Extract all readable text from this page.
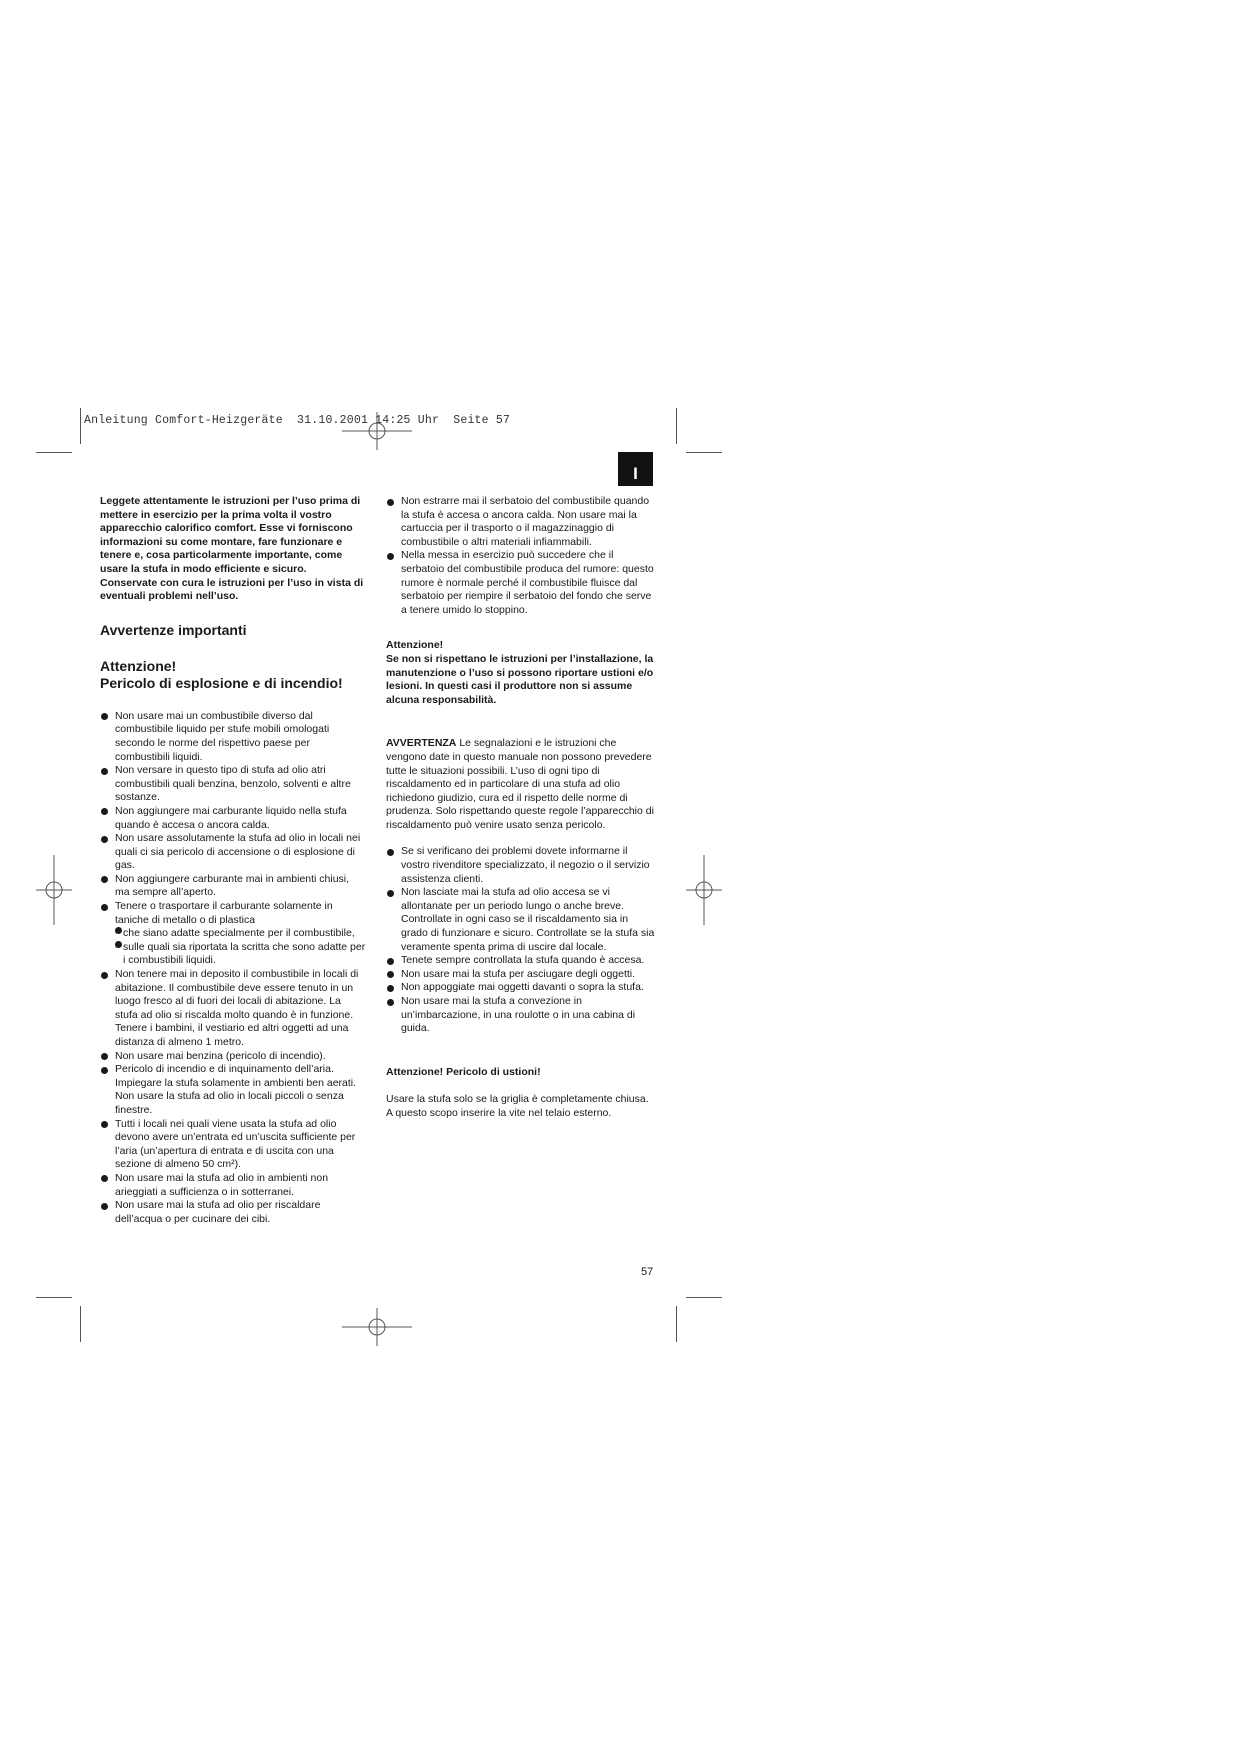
Anleitung Comfort-Heizgeräte  31.10.2001 14:25 Uhr  Seite 57
I

Leggete attentamente le istruzioni per l’uso prima di mettere in esercizio per la prima volta il vostro apparecchio calorifico comfort. Esse vi forniscono informazioni su come montare, fare funzionare e tenere e, cosa particolarmente importante, come usare la stufa in modo efficiente e sicuro. Conservate con cura le istruzioni per l’uso in vista di eventuali problemi nell’uso.

Avvertenze importanti

Attenzione!

Pericolo di esplosione e di incendio!

Non usare mai un combustibile diverso dal combustibile liquido per stufe mobili omologati secondo le norme del rispettivo paese per combustibili liquidi.
Non versare in questo tipo di stufa ad olio atri combustibili quali benzina, benzolo, solventi e altre sostanze.
Non aggiungere mai carburante liquido nella stufa quando è accesa o ancora calda.
Non usare assolutamente la stufa ad olio in locali nei quali ci sia pericolo di accensione o di esplosione di gas.
Non aggiungere carburante mai in ambienti chiusi, ma sempre all’aperto.
Tenere o trasportare il carburante solamente in taniche di metallo o di plastica
- che siano adatte specialmente per il combustibile,
- sulle quali sia riportata la scritta che sono adatte per i combustibili liquidi.
Non tenere mai in deposito il combustibile in locali di abitazione. Il combustibile deve essere tenuto in un luogo fresco al di fuori dei locali di abitazione. La stufa ad olio si riscalda molto quando è in funzione. Tenere i bambini, il vestiario ed altri oggetti ad una distanza di almeno 1 metro.
Non usare mai benzina (pericolo di incendio).
Pericolo di incendio e di inquinamento dell’aria. Impiegare la stufa solamente in ambienti ben aerati. Non usare la stufa ad olio in locali piccoli o senza finestre.
Tutti i locali nei quali viene usata la stufa ad olio devono avere un’entrata ed un’uscita sufficiente per l’aria (un’apertura di entrata e di uscita con una sezione di almeno 50 cm²).
Non usare mai la stufa ad olio in ambienti non arieggiati a sufficienza o in sotterranei.
Non usare mai la stufa ad olio per riscaldare dell’acqua o per cucinare dei cibi.
Non estrarre mai il serbatoio del combustibile quando la stufa è accesa o ancora calda. Non usare mai la cartuccia per il trasporto o il magazzinaggio di combustibile o altri materiali infiammabili.
Nella messa in esercizio può succedere che il serbatoio del combustibile produca del rumore: questo rumore è normale perché il combustibile fluisce dal serbatoio per riempire il serbatoio del fondo che serve a tenere umido lo stoppino.

Attenzione!

Se non si rispettano le istruzioni per l’installazione, la manutenzione o l’uso si possono riportare ustioni e/o lesioni. In questi casi il produttore non si assume alcuna responsabilità.

AVVERTENZA Le segnalazioni e le istruzioni che vengono date in questo manuale non possono prevedere tutte le situazioni possibili. L’uso di ogni tipo di riscaldamento ed in particolare di una stufa ad olio richiedono giudizio, cura ed il rispetto delle norme di prudenza. Solo rispettando queste regole l’apparecchio di riscaldamento può venire usato senza pericolo.

Se si verificano dei problemi dovete informarne il vostro rivenditore specializzato, il negozio o il servizio assistenza clienti.
Non lasciate mai la stufa ad olio accesa se vi allontanate per un periodo lungo o anche breve. Controllate in ogni caso se il riscaldamento sia in grado di funzionare e sicuro. Controllate se la stufa sia veramente spenta prima di uscire dal locale.
Tenete sempre controllata la stufa quando è accesa.
Non usare mai la stufa per asciugare degli oggetti.
Non appoggiate mai oggetti davanti o sopra la stufa.
Non usare mai la stufa a convezione in un’imbarcazione, in una roulotte o in una cabina di guida.

Attenzione! Pericolo di ustioni!

Usare la stufa solo se la griglia è completamente chiusa. A questo scopo inserire la vite nel telaio esterno.

57
